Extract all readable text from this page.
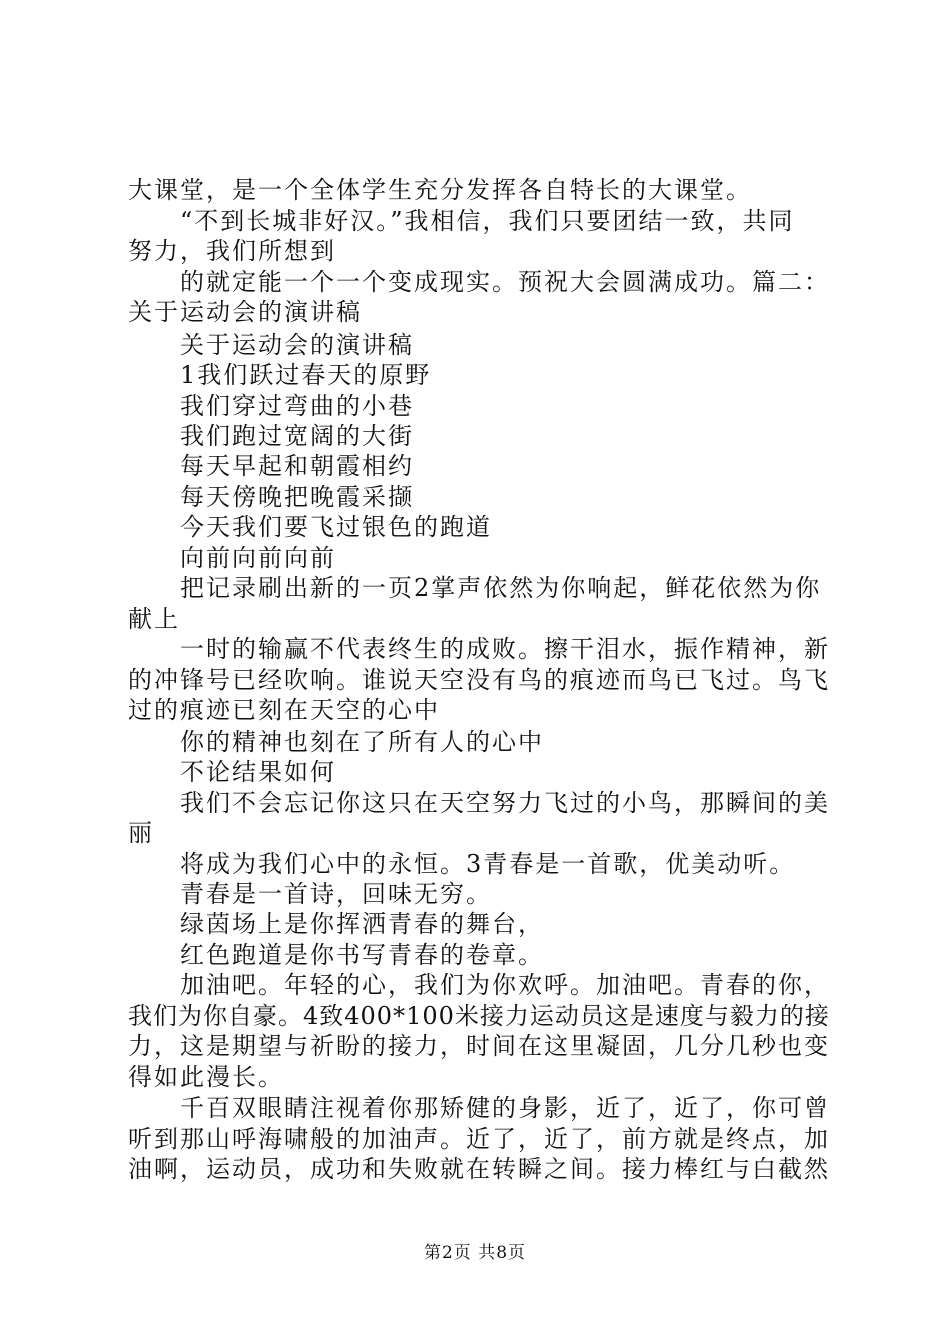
大课堂，是一个全体学生充分发挥各自特长的大课堂。
“不到长城非好汉。”我相信，我们只要团结一致，共同
努力，我们所想到
的就定能一个一个变成现实。预祝大会圆满成功。篇二：
关于运动会的演讲稿
关于运动会的演讲稿
1我们跃过春天的原野
我们穿过弯曲的小巷
我们跑过宽阔的大街
每天早起和朝霞相约
每天傍晚把晚霞采撷
今天我们要飞过银色的跑道
向前向前向前
把记录刷出新的一页2掌声依然为你响起，鲜花依然为你
献上
一时的输赢不代表终生的成败。擦干泪水，振作精神，新
的冲锋号已经吹响。谁说天空没有鸟的痕迹而鸟已飞过。鸟飞
过的痕迹已刻在天空的心中
你的精神也刻在了所有人的心中
不论结果如何
我们不会忘记你这只在天空努力飞过的小鸟，那瞬间的美
丽
将成为我们心中的永恒。3青春是一首歌，优美动听。
青春是一首诗，回味无穷。
绿茵场上是你挥洒青春的舞台，
红色跑道是你书写青春的卷章。
加油吧。年轻的心，我们为你欢呼。加油吧。青春的你，
我们为你自豪。4致400*100米接力运动员这是速度与毅力的接
力，这是期望与祈盼的接力，时间在这里凝固，几分几秒也变
得如此漫长。
千百双眼睛注视着你那矫健的身影，近了，近了，你可曾
听到那山呼海啸般的加油声。近了，近了，前方就是终点，加
油啊，运动员，成功和失败就在转瞬之间。接力棒红与白截然
第2页 共8页
